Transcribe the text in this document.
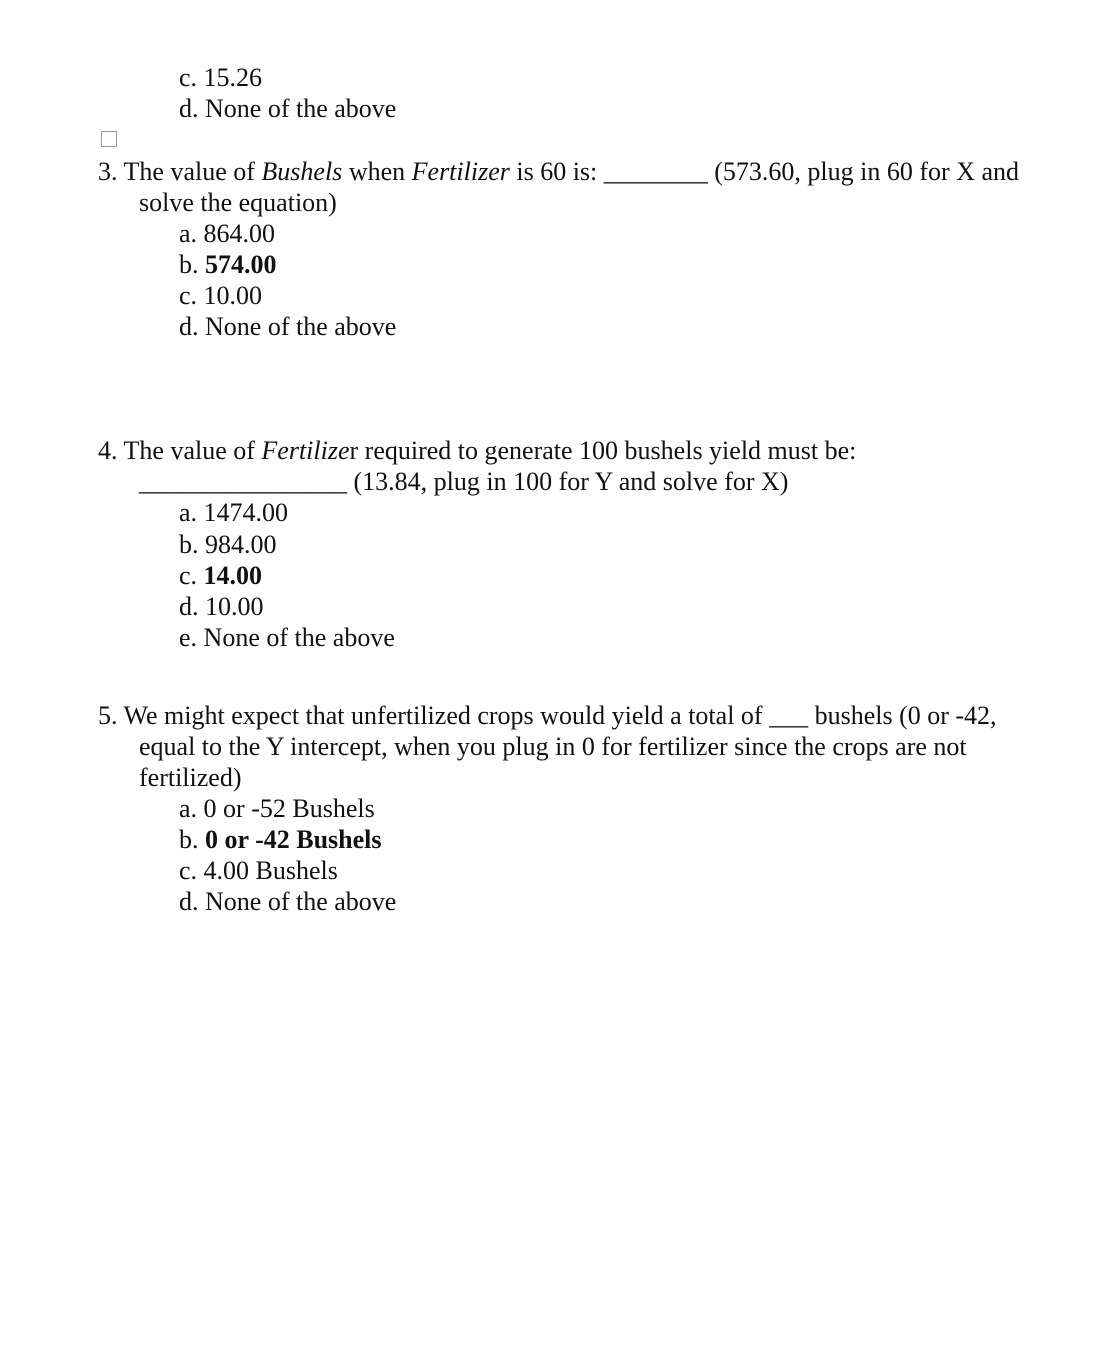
c. 15.26
d. None of the above
3. The value of Bushels when Fertilizer is 60 is: ________ (573.60, plug in 60 for X and
solve the equation)
a. 864.00
b. 574.00
c. 10.00
d. None of the above
4. The value of Fertilizer required to generate 100 bushels yield must be:
________________ (13.84, plug in 100 for Y and solve for X)
a. 1474.00
b. 984.00
c. 14.00
d. 10.00
e. None of the above
5. We might expect that unfertilized crops would yield a total of ___ bushels (0 or -42,
equal to the Y intercept, when you plug in 0 for fertilizer since the crops are not
fertilized)
a. 0 or -52 Bushels
b. 0 or -42 Bushels
c. 4.00 Bushels
d. None of the above
